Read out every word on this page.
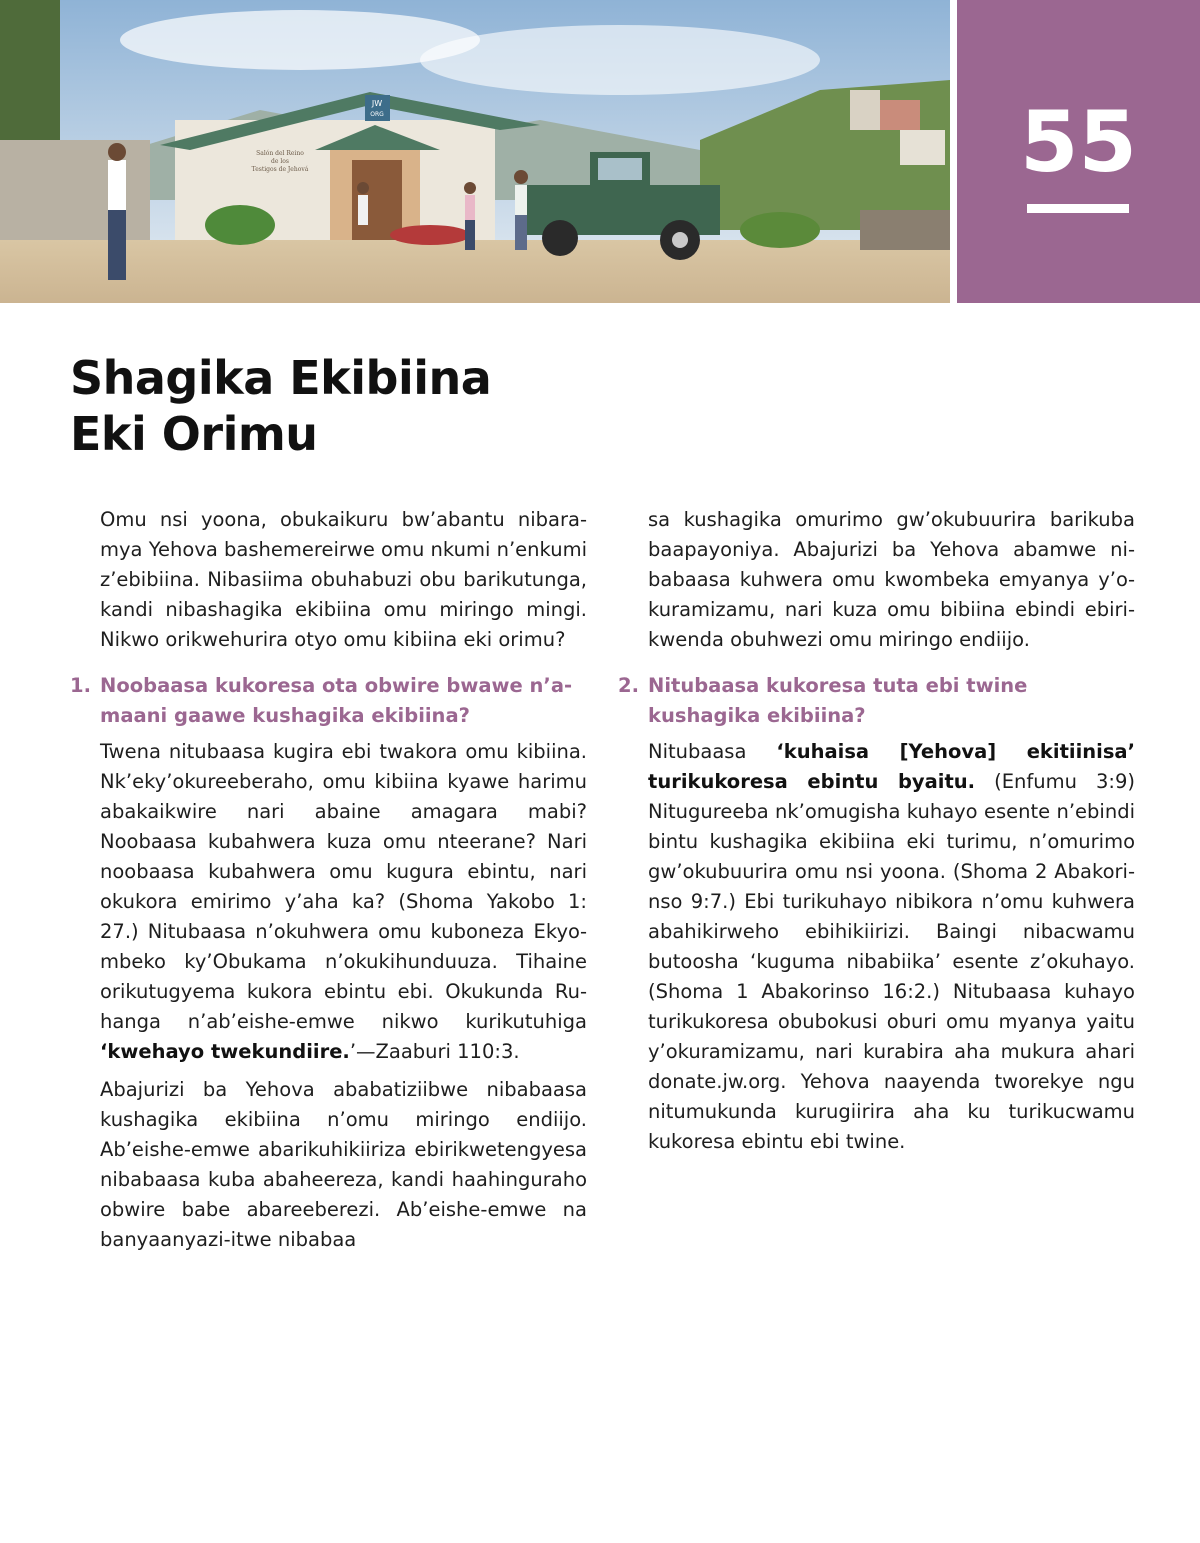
JW
ORG
Salón del Reino
de los
Testigos de Jehová	55
Shagika Ekibiina
Eki Orimu

Omu nsi yoona, obukaikuru bw’abantu nibaramya Yehova bashemereirwe omu nkumi n’enkumi z’ebibiina. Nibasiima obuhabuzi obu barikutunga, kandi nibashagika ekibiina omu miringo mingi. Nikwo orikwehurira otyo omu kibiina eki orimu?

1. Noobaasa kukoresa ota obwire bwawe n’amaani gaawe kushagika ekibiina?

Twena nitubaasa kugira ebi twakora omu kibiina. Nk’eky’okureeberaho, omu kibiina kyawe harimu abakaikwire nari abaine amagara mabi? Noobaasa kubahwera kuza omu nteerane? Nari noobaasa kubahwera omu kugura ebintu, nari okukora emirimo y’aha ka? (Shoma Yakobo 1: 27.) Nitubaasa n’okuhwera omu kuboneza Ekyombeko ky’Obukama n’okukihunduuza. Tihaine orikutugyema kukora ebintu ebi. Okukunda Ruhanga n’ab’eishe-emwe nikwo kurikutuhiga ‘kwehayo twekundiire.’—Zaaburi 110:3.

Abajurizi ba Yehova ababatiziibwe nibabaasa kushagika ekibiina n’omu miringo endiijo. Ab’eishe-emwe abarikuhikiiriza ebirikwetengyesa nibabaasa kuba abaheereza, kandi haahinguraho obwire babe abareeberezi. Ab’eishe-emwe na banyaanyazi-itwe nibabaa

sa kushagika omurimo gw’okubuurira barikuba baapayoniya. Abajurizi ba Yehova abamwe nibabaasa kuhwera omu kwombeka emyanya y’okuramizamu, nari kuza omu bibiina ebindi ebirikwenda obuhwezi omu miringo endiijo.

2. Nitubaasa kukoresa tuta ebi twine kushagika ekibiina?

Nitubaasa ‘kuhaisa [Yehova] ekitiinisa’ turikukoresa ebintu byaitu. (Enfumu 3:9) Nitugureeba nk’omugisha kuhayo esente n’ebindi bintu kushagika ekibiina eki turimu, n’omurimo gw’okubuurira omu nsi yoona. (Shoma 2 Abakorinso 9:7.) Ebi turikuhayo nibikora n’omu kuhwera abahikirweho ebihikiirizi. Baingi nibacwamu butoosha ‘kuguma nibabiika’ esente z’okuhayo. (Shoma 1 Abakorinso 16:2.) Nitubaasa kuhayo turikukoresa obubokusi oburi omu myanya yaitu y’okuramizamu, nari kurabira aha mukura ahari donate.jw.org. Yehova naayenda tworekye ngu nitumukunda kurugiirira aha ku turikucwamu kukoresa ebintu ebi twine.
